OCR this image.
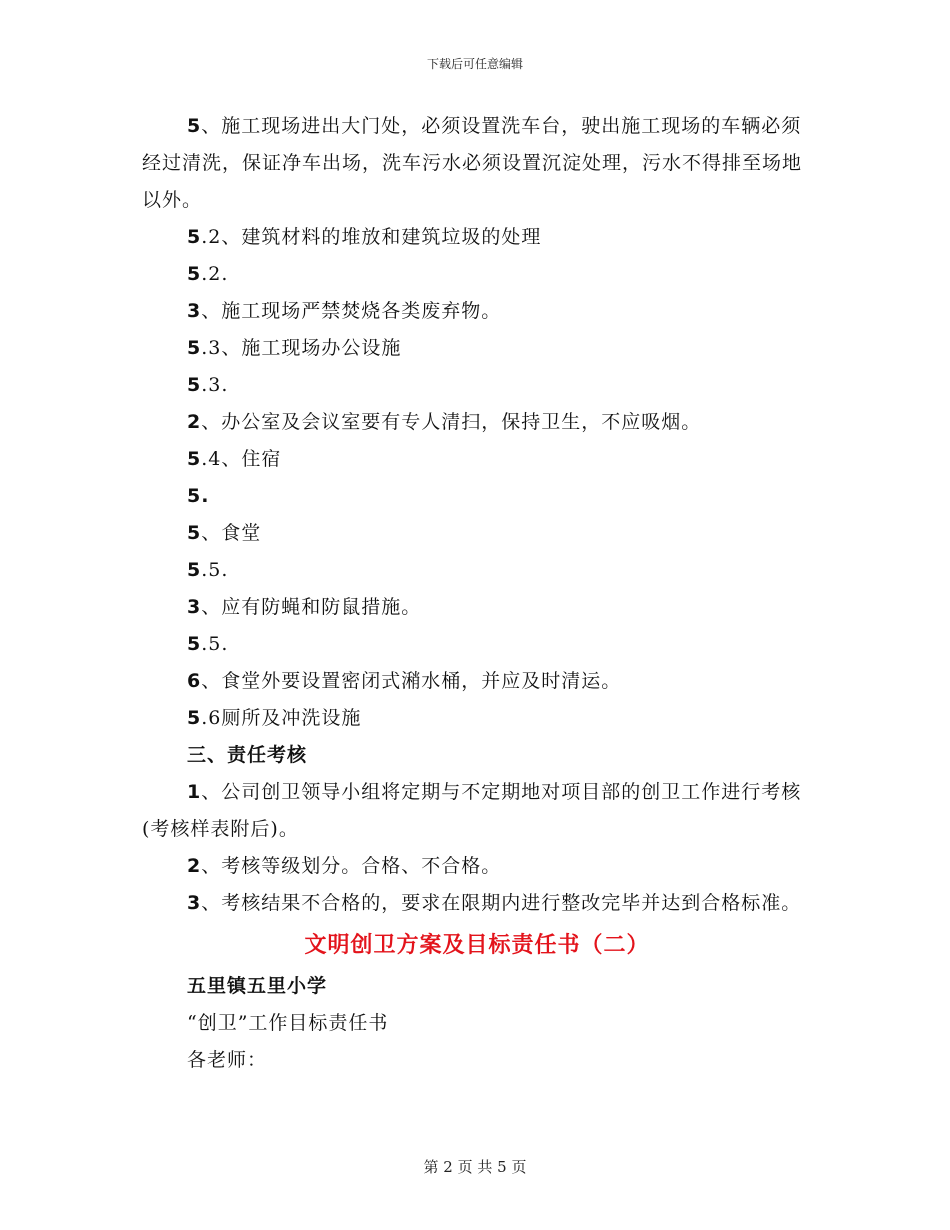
下载后可任意编辑

5、施工现场进出大门处，必须设置洗车台，驶出施工现场的车辆必须经过清洗，保证净车出场，洗车污水必须设置沉淀处理，污水不得排至场地以外。

5.2、建筑材料的堆放和建筑垃圾的处理

5.2.

3、施工现场严禁焚烧各类废弃物。

5.3、施工现场办公设施

5.3.

2、办公室及会议室要有专人清扫，保持卫生，不应吸烟。

5.4、住宿

5.

5、食堂

5.5.

3、应有防蝇和防鼠措施。

5.5.

6、食堂外要设置密闭式潲水桶，并应及时清运。

5.6厕所及冲洗设施

三、责任考核

1、公司创卫领导小组将定期与不定期地对项目部的创卫工作进行考核(考核样表附后)。

2、考核等级划分。合格、不合格。

3、考核结果不合格的，要求在限期内进行整改完毕并达到合格标准。

文明创卫方案及目标责任书（二）

五里镇五里小学

“创卫”工作目标责任书

各老师：

第 2 页 共 5 页
